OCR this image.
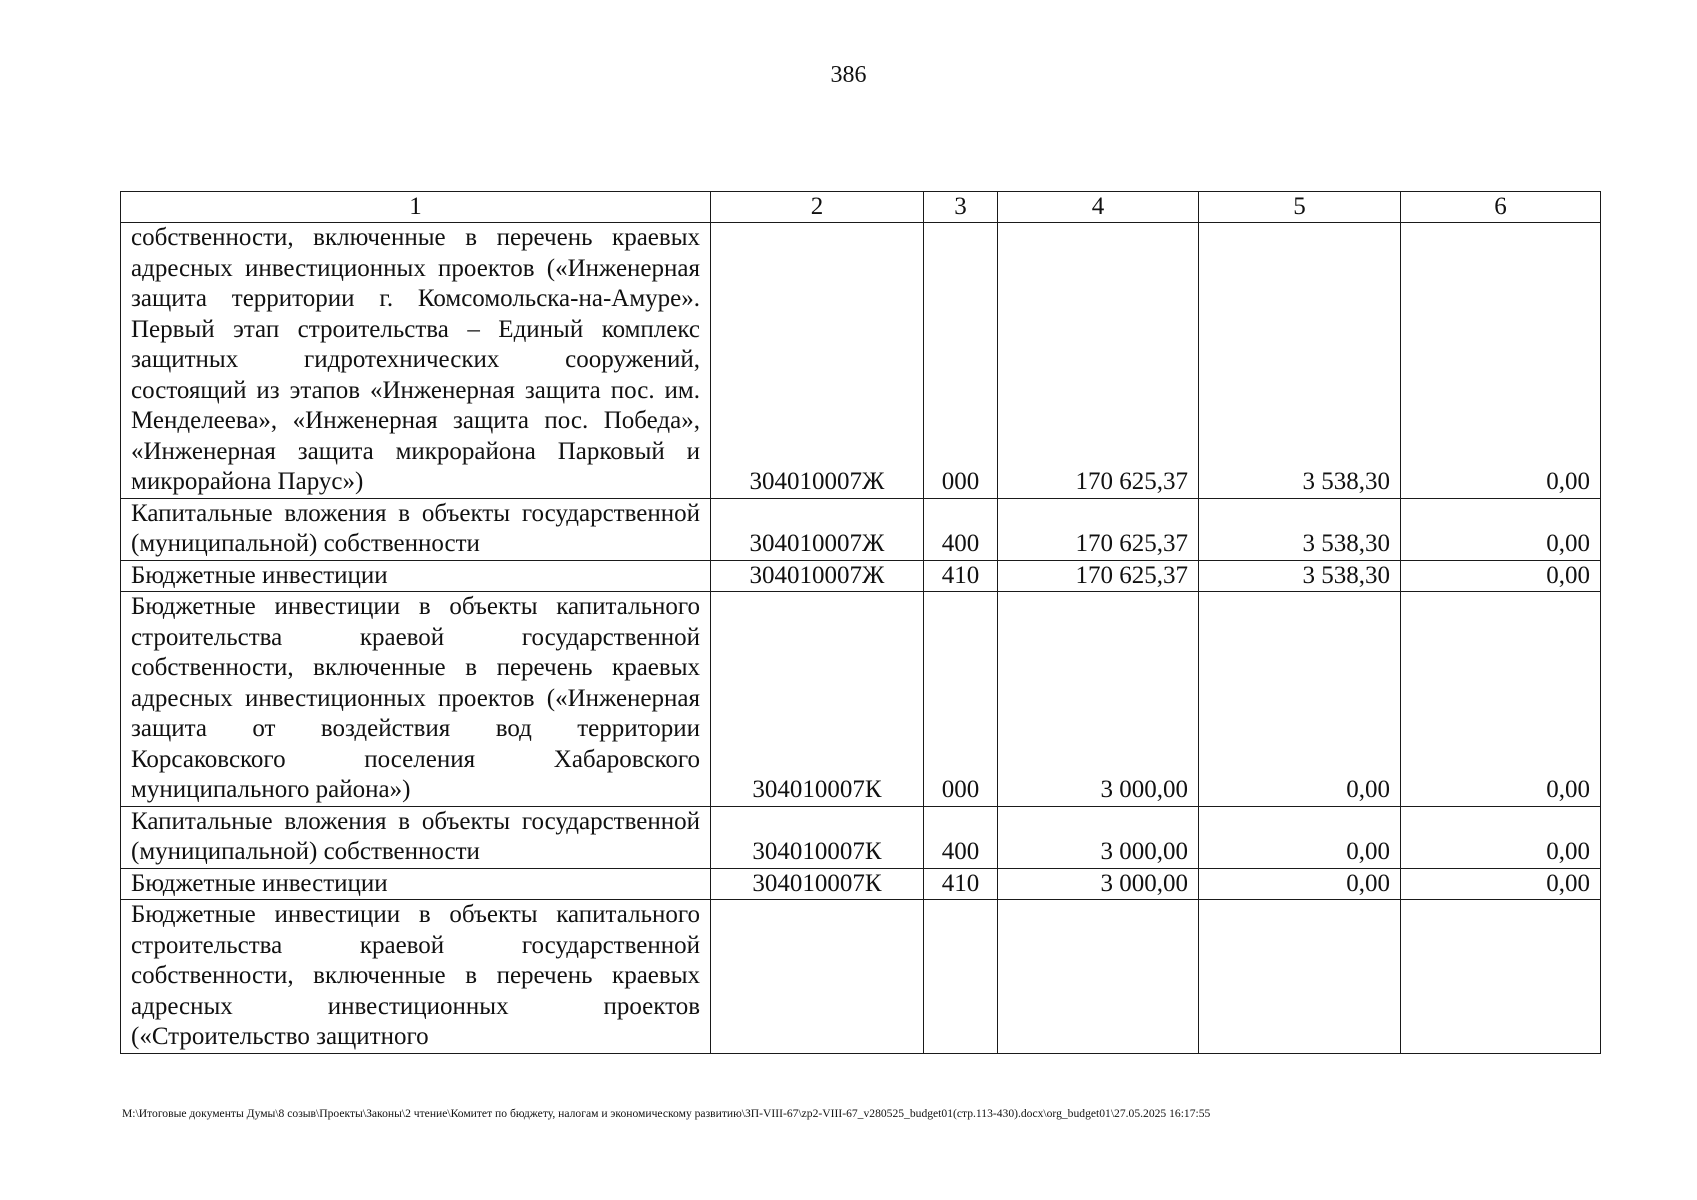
386
1	2	3	4	5	6
собственности, включенные в перечень краевых адресных инвестиционных проектов («Инженерная защита территории г. Комсомольска-на-Амуре». Первый этап строительства – Единый комплекс защитных гидротехнических сооружений, состоящий из этапов «Инженерная защита пос. им. Менделеева», «Инженерная защита пос. Победа», «Инженерная защита микрорайона Парковый и микрорайона Парус»)	304010007Ж	000	170 625,37	3 538,30	0,00
Капитальные вложения в объекты государственной (муниципальной) собственности	304010007Ж	400	170 625,37	3 538,30	0,00
Бюджетные инвестиции	304010007Ж	410	170 625,37	3 538,30	0,00
Бюджетные инвестиции в объекты капитального строительства краевой государственной собственности, включенные в перечень краевых адресных инвестиционных проектов («Инженерная защита от воздействия вод территории Корсаковского поселения Хабаровского муниципального района»)	304010007К	000	3 000,00	0,00	0,00
Капитальные вложения в объекты государственной (муниципальной) собственности	304010007К	400	3 000,00	0,00	0,00
Бюджетные инвестиции	304010007К	410	3 000,00	0,00	0,00
Бюджетные инвестиции в объекты капитального строительства краевой государственной собственности, включенные в перечень краевых адресных инвестиционных проектов («Строительство защитного					
M:\Итоговые документы Думы\8 созыв\Проекты\Законы\2 чтение\Комитет по бюджету, налогам и экономическому развитию\ЗП-VIII-67\zp2-VIII-67_v280525_budget01(стр.113-430).docx\org_budget01\27.05.2025 16:17:55
